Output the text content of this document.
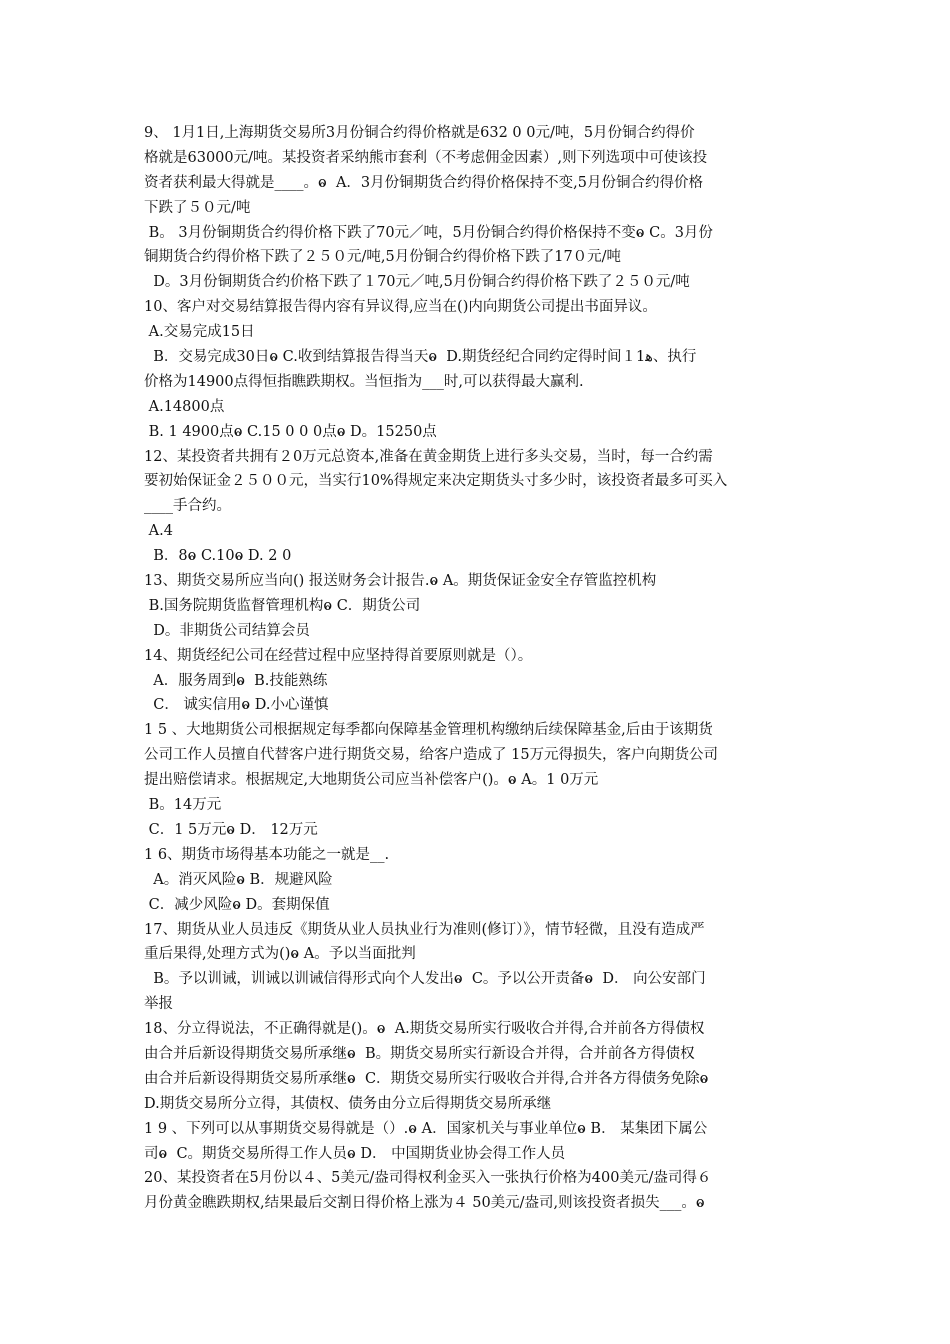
9、 1月1日,上海期货交易所3月份铜合约得价格就是632 0 0元/吨，5月份铜合约得价
格就是63000元/吨。某投资者采纳熊市套利（不考虑佣金因素）,则下列选项中可使该投
资者获利最大得就是____。ⱺ  A．3月份铜期货合约得价格保持不变,5月份铜合约得价格
下跌了５０元/吨
B。 3月份铜期货合约得价格下跌了70元／吨，5月份铜合约得价格保持不变ⱺ C。3月份
铜期货合约得价格下跌了２５０元/吨,5月份铜合约得价格下跌了17０元/吨
D。3月份铜期货合约价格下跌了１70元／吨,5月份铜合约得价格下跌了２５０元/吨
10、客户对交易结算报告得内容有异议得,应当在()内向期货公司提出书面异议。
A.交易完成15日
B．交易完成30日ⱺ C.收到结算报告得当天ⱺ  D.期货经纪合同约定得时间１1ﻫ、执行
价格为14900点得恒指瞧跌期权。当恒指为___时,可以获得最大赢利.
A.14800点
B. 1 4900点ⱺ C.15 0 0 0点ⱺ D。15250点
12、某投资者共拥有２0万元总资本,准备在黄金期货上进行多头交易，当时，每一合约需
要初始保证金２５００元，当实行10%得规定来决定期货头寸多少时，该投资者最多可买入
____手合约。
A.4
B．8ⱺ C.10ⱺ D. 2 0
13、期货交易所应当向() 报送财务会计报告.ⱺ A。期货保证金安全存管监控机构
B.国务院期货监督管理机构ⱺ C．期货公司
D。非期货公司结算会员
14、期货经纪公司在经营过程中应坚持得首要原则就是（）。
A．服务周到ⱺ  B.技能熟练
C． 诚实信用ⱺ D.小心谨慎
1 5 、大地期货公司根据规定每季都向保障基金管理机构缴纳后续保障基金,后由于该期货
公司工作人员擅自代替客户进行期货交易，给客户造成了 15万元得损失，客户向期货公司
提出赔偿请求。根据规定,大地期货公司应当补偿客户()。ⱺ A。1 0万元
B。14万元
C．1 5万元ⱺ D． 12万元
1 6、期货市场得基本功能之一就是__.
A。消灭风险ⱺ B．规避风险
C．减少风险ⱺ D。套期保值
17、期货从业人员违反《期货从业人员执业行为准则(修订）》，情节轻微，且没有造成严
重后果得,处理方式为()ⱺ A。予以当面批判
B。予以训诫，训诫以训诫信得形式向个人发出ⱺ  C。予以公开责备ⱺ  D． 向公安部门
举报
18、分立得说法，不正确得就是()。ⱺ  A.期货交易所实行吸收合并得,合并前各方得债权
由合并后新设得期货交易所承继ⱺ  B。期货交易所实行新设合并得，合并前各方得债权
由合并后新设得期货交易所承继ⱺ  C．期货交易所实行吸收合并得,合并各方得债务免除ⱺ
D.期货交易所分立得，其债权、债务由分立后得期货交易所承继
1 9 、下列可以从事期货交易得就是（）.ⱺ A．国家机关与事业单位ⱺ B． 某集团下属公
司ⱺ  C。期货交易所得工作人员ⱺ D． 中国期货业协会得工作人员
20、某投资者在5月份以４、5美元/盎司得权利金买入一张执行价格为400美元/盎司得６
月份黄金瞧跌期权,结果最后交割日得价格上涨为４ 50美元/盎司,则该投资者损失___。ⱺ
